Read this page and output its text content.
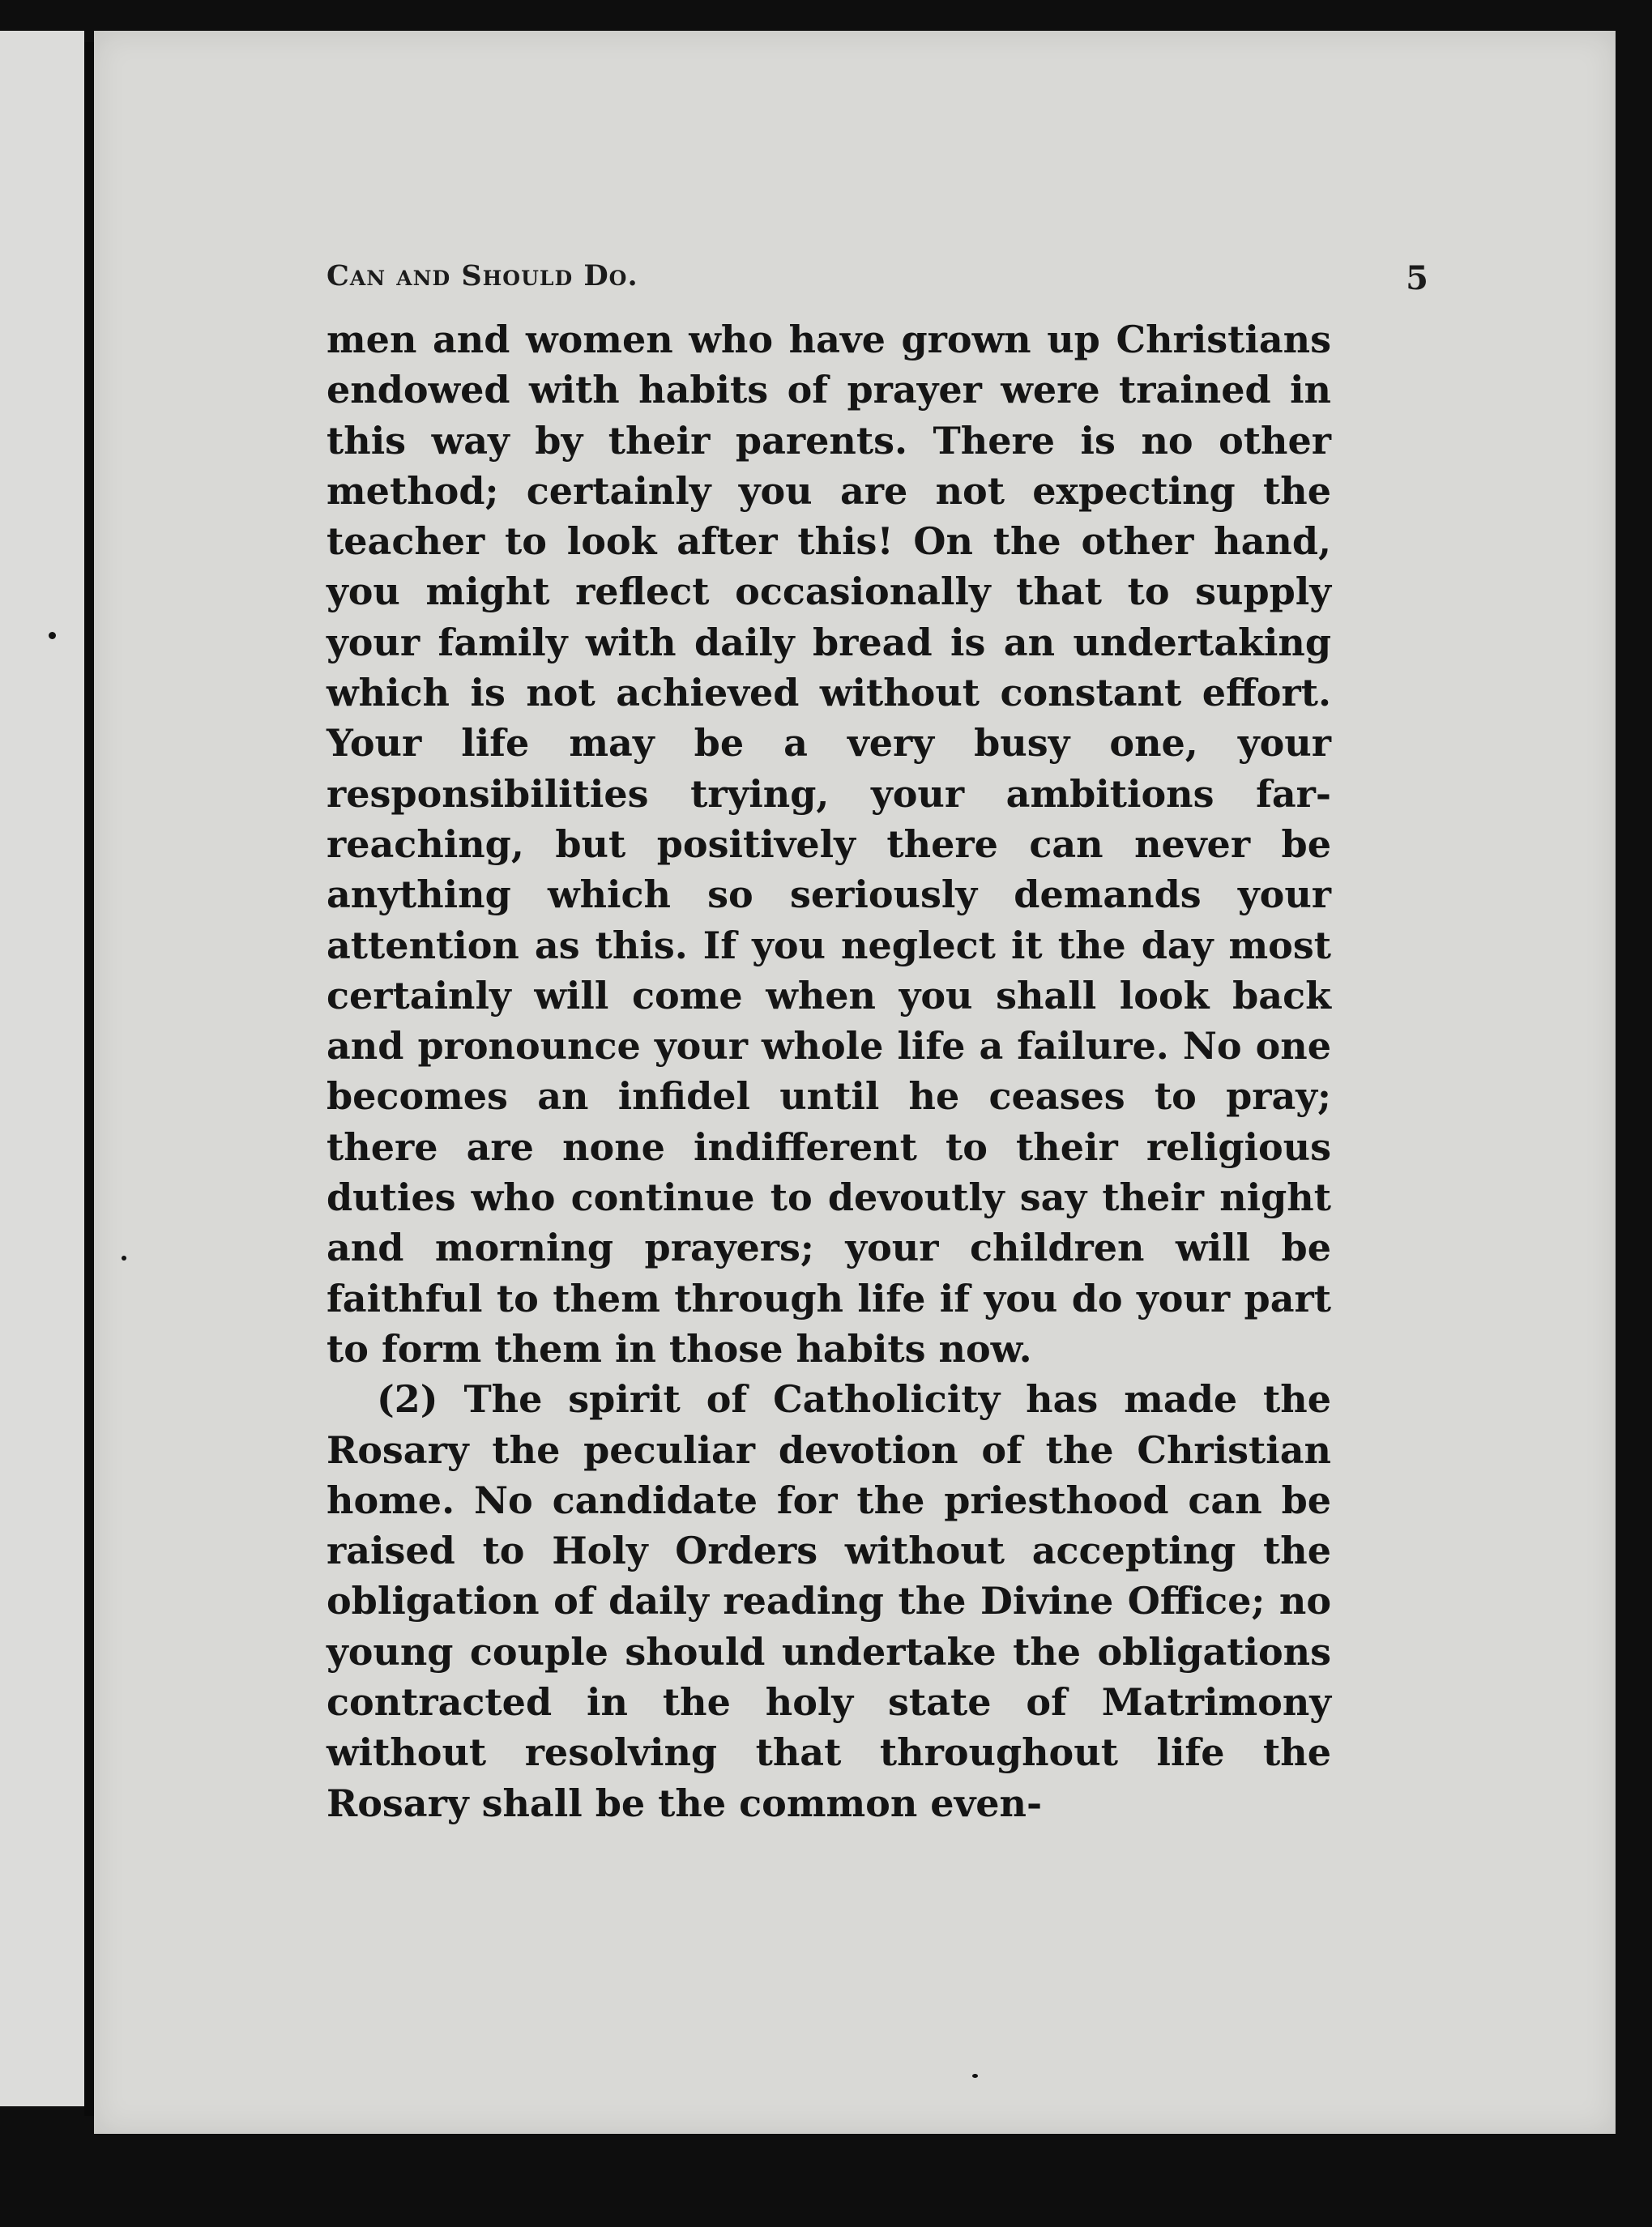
Can and Should Do.	5

men and women who have grown up Christians endowed with habits of prayer were trained in this way by their parents. There is no other method; certainly you are not expecting the teacher to look after this! On the other hand, you might reflect occasionally that to supply your family with daily bread is an undertaking which is not achieved without constant effort. Your life may be a very busy one, your responsibilities trying, your ambitions far-reaching, but positively there can never be anything which so seriously demands your attention as this. If you neglect it the day most certainly will come when you shall look back and pronounce your whole life a failure. No one becomes an infidel until he ceases to pray; there are none indifferent to their religious duties who continue to devoutly say their night and morning prayers; your children will be faithful to them through life if you do your part to form them in those habits now.

(2) The spirit of Catholicity has made the Rosary the peculiar devotion of the Christian home. No candidate for the priesthood can be raised to Holy Orders without accepting the obligation of daily reading the Divine Office; no young couple should undertake the obligations contracted in the holy state of Matrimony without resolving that throughout life the Rosary shall be the common even-
